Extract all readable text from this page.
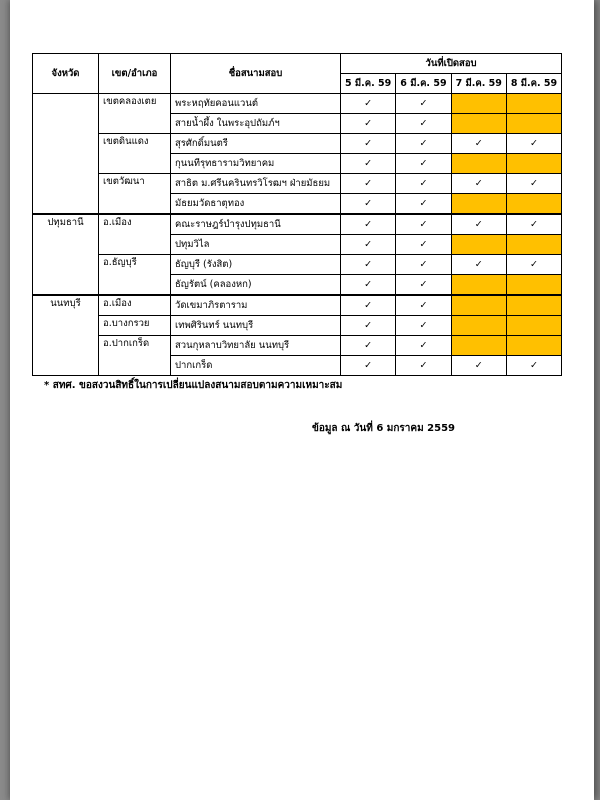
จังหวัด	เขต/อำเภอ	ชื่อสนามสอบ	วันที่เปิดสอบ			
			5 มี.ค. 59	6 มี.ค. 59	7 มี.ค. 59	8 มี.ค. 59
	เขตคลองเตย	พระหฤทัยคอนแวนต์	✓	✓		
		สายน้ำผึ้ง ในพระอุปถัมภ์ฯ	✓	✓		
	เขตดินแดง	สุรศักดิ์มนตรี	✓	✓	✓	✓
		กุนนทีรุทธารามวิทยาคม	✓	✓		
	เขตวัฒนา	สาธิต ม.ศรีนครินทรวิโรฒฯ ฝ่ายมัธยม	✓	✓	✓	✓
		มัธยมวัดธาตุทอง	✓	✓		
ปทุมธานี	อ.เมือง	คณะราษฎร์บำรุงปทุมธานี	✓	✓	✓	✓
		ปทุมวิไล	✓	✓		
	อ.ธัญบุรี	ธัญบุรี (รังสิต)	✓	✓	✓	✓
		ธัญรัตน์ (คลองหก)	✓	✓		
นนทบุรี	อ.เมือง	วัดเขมาภิรตาราม	✓	✓		
	อ.บางกรวย	เทพศิรินทร์ นนทบุรี	✓	✓		
	อ.ปากเกร็ด	สวนกุหลาบวิทยาลัย นนทบุรี	✓	✓		
		ปากเกร็ด	✓	✓	✓	✓
* สทศ. ขอสงวนสิทธิ์ในการเปลี่ยนแปลงสนามสอบตามความเหมาะสม
ข้อมูล ณ วันที่ 6 มกราคม 2559
